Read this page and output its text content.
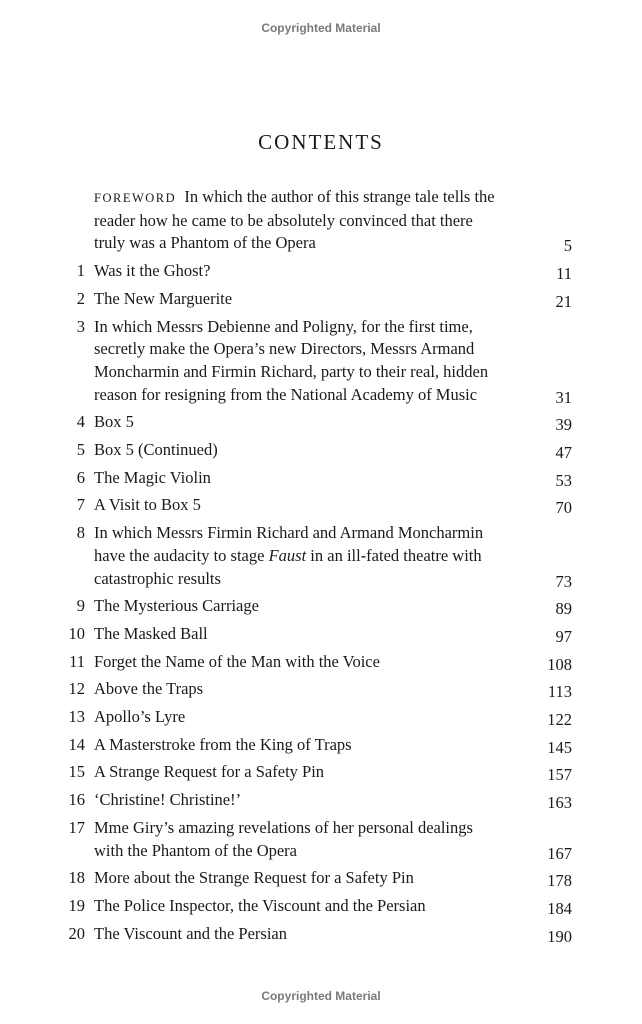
Copyrighted Material
CONTENTS
FOREWORD In which the author of this strange tale tells the
reader how he came to be absolutely convinced that there
truly was a Phantom of the Opera	5
1 Was it the Ghost?	11
2 The New Marguerite	21
3 In which Messrs Debienne and Poligny, for the first time,
secretly make the Opera’s new Directors, Messrs Armand
Moncharmin and Firmin Richard, party to their real, hidden
reason for resigning from the National Academy of Music	31
4 Box 5	39
5 Box 5 (Continued)	47
6 The Magic Violin	53
7 A Visit to Box 5	70
8 In which Messrs Firmin Richard and Armand Moncharmin
have the audacity to stage Faust in an ill-fated theatre with
catastrophic results	73
9 The Mysterious Carriage	89
10 The Masked Ball	97
11 Forget the Name of the Man with the Voice	108
12 Above the Traps	113
13 Apollo’s Lyre	122
14 A Masterstroke from the King of Traps	145
15 A Strange Request for a Safety Pin	157
16 ‘Christine! Christine!’	163
17 Mme Giry’s amazing revelations of her personal dealings
with the Phantom of the Opera	167
18 More about the Strange Request for a Safety Pin	178
19 The Police Inspector, the Viscount and the Persian	184
20 The Viscount and the Persian	190
Copyrighted Material
